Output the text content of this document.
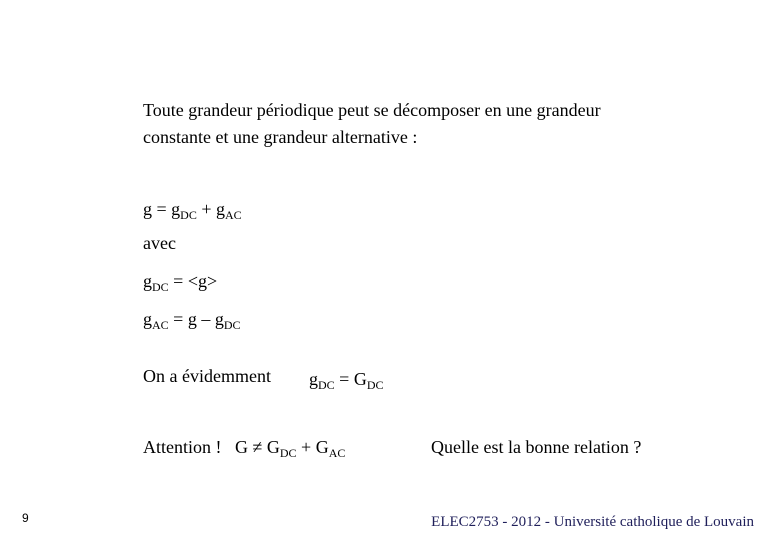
Toute grandeur périodique peut se décomposer en une grandeur
constante et une grandeur alternative :
$g = g_{DC} + g_{AC}$
avec
$g_{DC} = <g>$
$g_{AC} = g - g_{DC}$
On a évidemment $g_{DC} = G_{DC}$
Attention !   $G \ne G_{DC} + G_{AC}$	Quelle est la bonne relation ?
9	ELEC2753 - 2012 - Université catholique de Louvain
